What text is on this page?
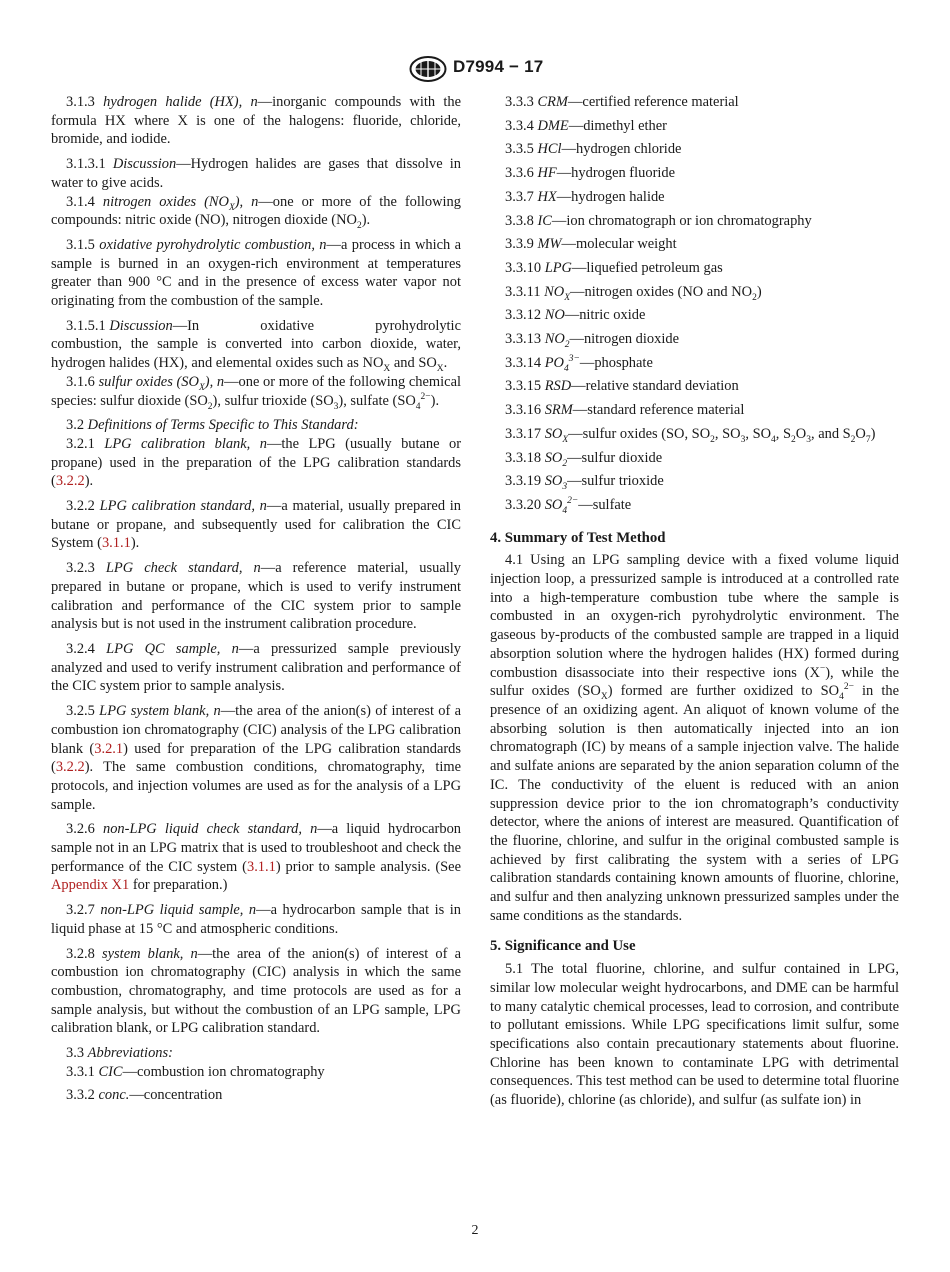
D7994 − 17

3.1.3 hydrogen halide (HX), n—inorganic compounds with the formula HX where X is one of the halogens: fluoride, chloride, bromide, and iodide.

3.1.3.1 Discussion—Hydrogen halides are gases that dissolve in water to give acids.

3.1.4 nitrogen oxides $(NO_X)$, n—one or more of the following compounds: nitric oxide (NO), nitrogen dioxide $(NO_2)$.

3.1.5 oxidative pyrohydrolytic combustion, n—a process in which a sample is burned in an oxygen-rich environment at temperatures greater than 900 °C and in the presence of excess water vapor not originating from the combustion of the sample.

3.1.5.1 Discussion—In	oxidative	pyrohydrolytic
combustion, the sample is converted into carbon dioxide, water, hydrogen halides (HX), and elemental oxides such as $NO_X$ and $SO_X$.

3.1.6 sulfur oxides $(SO_X)$, n—one or more of the following chemical species: sulfur dioxide $(SO_2)$, sulfur trioxide $(SO_3)$, sulfate $(SO_4^{2-})$.

3.2 Definitions of Terms Specific to This Standard:

3.2.1 LPG calibration blank, n—the LPG (usually butane or propane) used in the preparation of the LPG calibration standards (3.2.2).

3.2.2 LPG calibration standard, n—a material, usually prepared in butane or propane, and subsequently used for calibration the CIC System (3.1.1).

3.2.3 LPG check standard, n—a reference material, usually prepared in butane or propane, which is used to verify instrument calibration and performance of the CIC system prior to sample analysis but is not used in the instrument calibration procedure.

3.2.4 LPG QC sample, n—a pressurized sample previously analyzed and used to verify instrument calibration and performance of the CIC system prior to sample analysis.

3.2.5 LPG system blank, n—the area of the anion(s) of interest of a combustion ion chromatography (CIC) analysis of the LPG calibration blank (3.2.1) used for preparation of the LPG calibration standards (3.2.2). The same combustion conditions, chromatography, time protocols, and injection volumes are used as for the analysis of a LPG sample.

3.2.6 non-LPG liquid check standard, n—a liquid hydrocarbon sample not in an LPG matrix that is used to troubleshoot and check the performance of the CIC system (3.1.1) prior to sample analysis. (See Appendix X1 for preparation.)

3.2.7 non-LPG liquid sample, n—a hydrocarbon sample that is in liquid phase at 15 °C and atmospheric conditions.

3.2.8 system blank, n—the area of the anion(s) of interest of a combustion ion chromatography (CIC) analysis in which the same combustion, chromatography, and time protocols are used as for a sample analysis, but without the combustion of an LPG sample, LPG calibration blank, or LPG calibration standard.

3.3 Abbreviations:

3.3.1 CIC—combustion ion chromatography

3.3.2 conc.—concentration

3.3.3 CRM—certified reference material

3.3.4 DME—dimethyl ether

3.3.5 HCl—hydrogen chloride

3.3.6 HF—hydrogen fluoride

3.3.7 HX—hydrogen halide

3.3.8 IC—ion chromatograph or ion chromatography

3.3.9 MW—molecular weight

3.3.10 LPG—liquefied petroleum gas

3.3.11 $NO_X—nitrogen$ oxides (NO and $NO_2$)

3.3.12 NO—nitric oxide

3.3.13 $NO_2—nitrogen$ dioxide

3.3.14 $PO_4^{3-}—phosphate$

3.3.15 RSD—relative standard deviation

3.3.16 SRM—standard reference material

3.3.17 $SO_X—sulfur$ oxides (SO, $SO_2$, $SO_3$, $SO_4$, $S_2O_3$, and $S_2O_7$)

3.3.18 $SO_2—sulfur$ dioxide

3.3.19 $SO_3—sulfur$ trioxide

3.3.20 $SO_4^{2-}—sulfate$

4. Summary of Test Method

4.1 Using an LPG sampling device with a fixed volume liquid injection loop, a pressurized sample is introduced at a controlled rate into a high-temperature combustion tube where the sample is combusted in an oxygen-rich pyrohydrolytic environment. The gaseous by-products of the combusted sample are trapped in a liquid absorption solution where the hydrogen halides (HX) formed during combustion disassociate into their respective ions (X−), while the sulfur oxides $(SO_X)$ formed are further oxidized to $SO_4^{2-}$ in the presence of an oxidizing agent. An aliquot of known volume of the absorbing solution is then automatically injected into an ion chromatograph (IC) by means of a sample injection valve. The halide and sulfate anions are separated by the anion separation column of the IC. The conductivity of the eluent is reduced with an anion suppression device prior to the ion chromatograph’s conductivity detector, where the anions of interest are measured. Quantification of the fluorine, chlorine, and sulfur in the original combusted sample is achieved by first calibrating the system with a series of LPG calibration standards containing known amounts of fluorine, chlorine, and sulfur and then analyzing unknown pressurized samples under the same conditions as the standards.

5. Significance and Use

5.1 The total fluorine, chlorine, and sulfur contained in LPG, similar low molecular weight hydrocarbons, and DME can be harmful to many catalytic chemical processes, lead to corrosion, and contribute to pollutant emissions. While LPG specifications limit sulfur, some specifications also contain precautionary statements about fluorine. Chlorine has been known to contaminate LPG with detrimental consequences. This test method can be used to determine total fluorine (as fluoride), chlorine (as chloride), and sulfur (as sulfate ion) in

2
